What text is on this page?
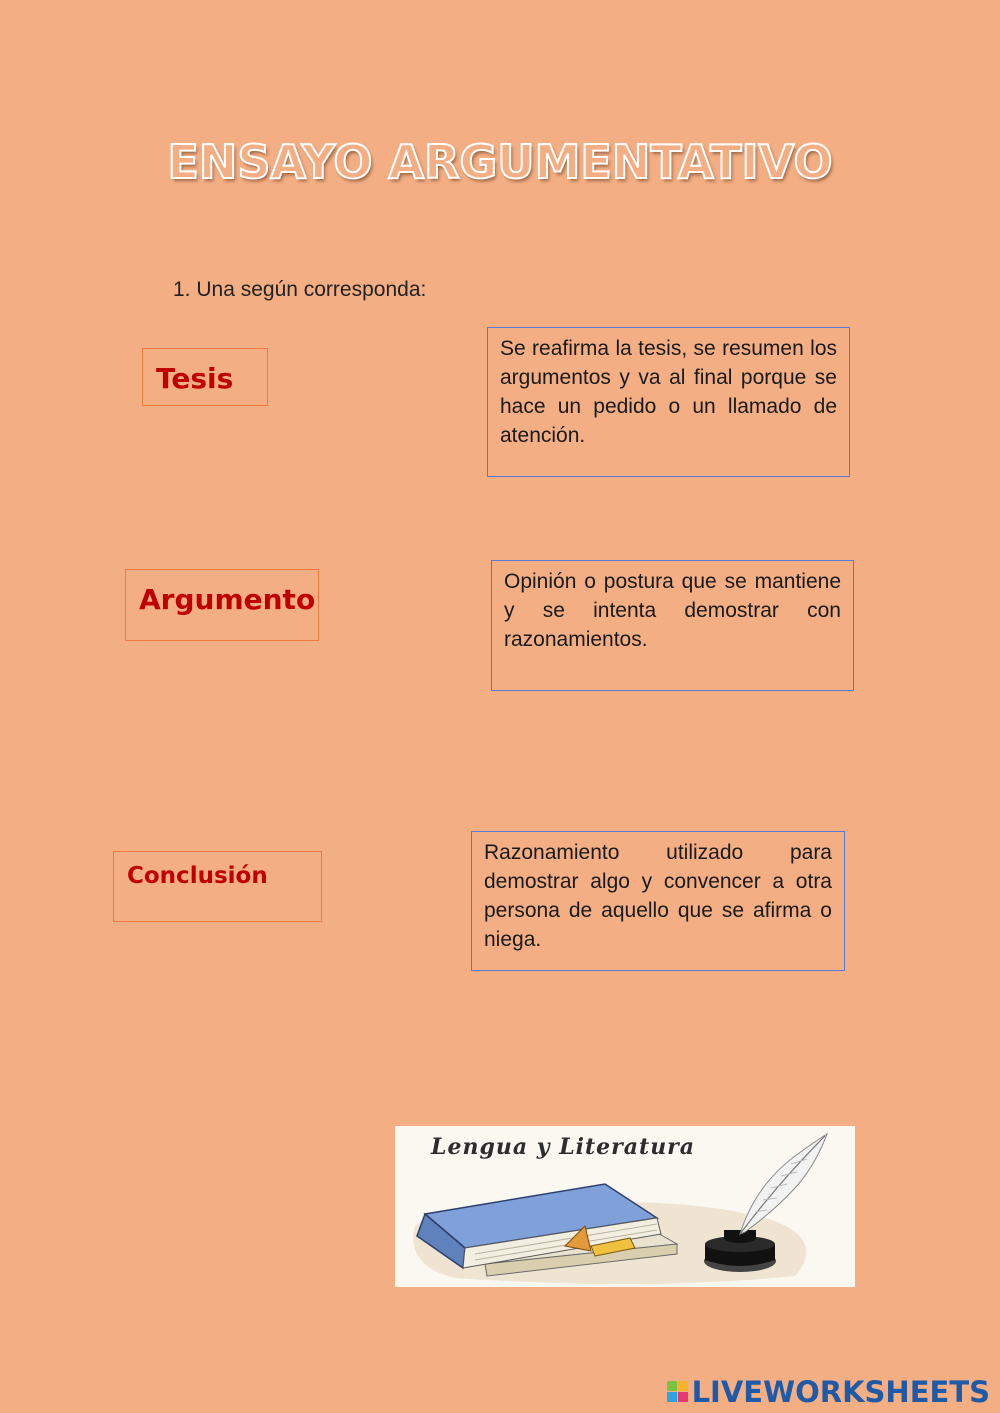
ENSAYO ARGUMENTATIVO
1. Una según corresponda:
Tesis
Argumento
Conclusión
Se reafirma la tesis, se resumen los argumentos y va al final porque se hace un pedido o un llamado de atención.
Opinión o postura que se mantiene y se intenta demostrar con razonamientos.
Razonamiento utilizado para demostrar algo y convencer a otra persona de aquello que se afirma o niega.
Lengua y Literatura
LIVEWORKSHEETS
